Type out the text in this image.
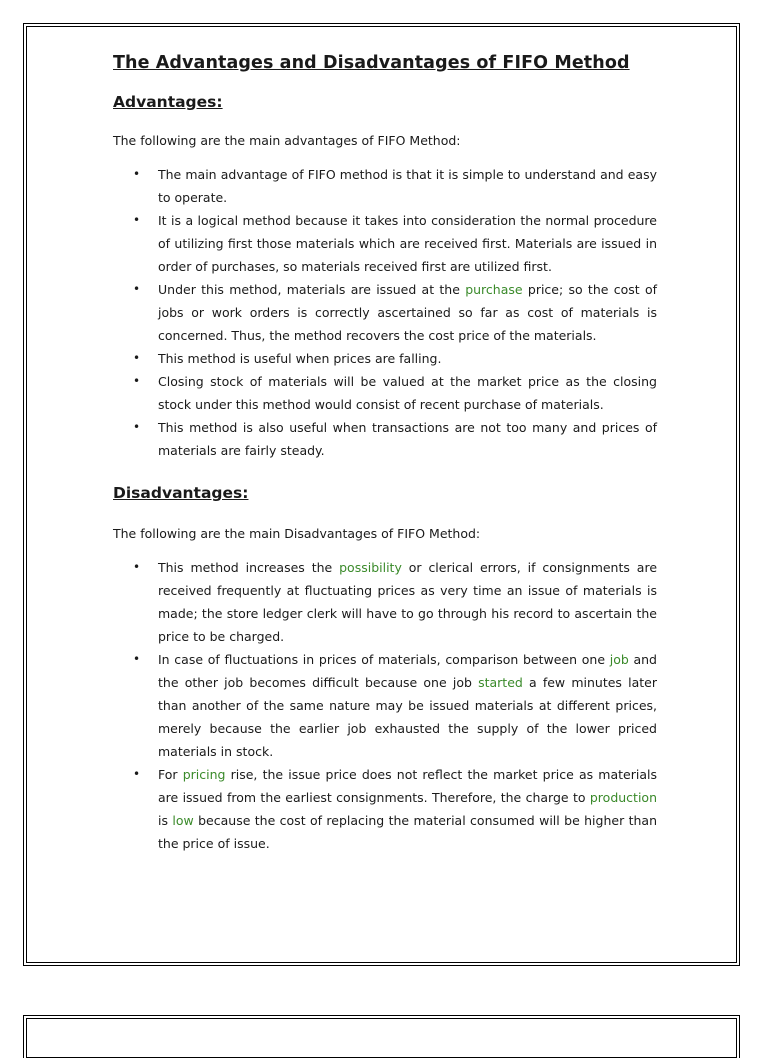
The Advantages and Disadvantages of FIFO Method
Advantages:

The following are the main advantages of FIFO Method:

• The main advantage of FIFO method is that it is simple to understand and easy to operate.
• It is a logical method because it takes into consideration the normal procedure of utilizing first those materials which are received first. Materials are issued in order of purchases, so materials received first are utilized first.
• Under this method, materials are issued at the purchase price; so the cost of jobs or work orders is correctly ascertained so far as cost of materials is concerned. Thus, the method recovers the cost price of the materials.
• This method is useful when prices are falling.
• Closing stock of materials will be valued at the market price as the closing stock under this method would consist of recent purchase of materials.
• This method is also useful when transactions are not too many and prices of materials are fairly steady.
Disadvantages:

The following are the main Disadvantages of FIFO Method:

• This method increases the possibility or clerical errors, if consignments are received frequently at fluctuating prices as very time an issue of materials is made; the store ledger clerk will have to go through his record to ascertain the price to be charged.
• In case of fluctuations in prices of materials, comparison between one job and the other job becomes difficult because one job started a few minutes later than another of the same nature may be issued materials at different prices, merely because the earlier job exhausted the supply of the lower priced materials in stock.
• For pricing rise, the issue price does not reflect the market price as materials are issued from the earliest consignments. Therefore, the charge to production is low because the cost of replacing the material consumed will be higher than the price of issue.
